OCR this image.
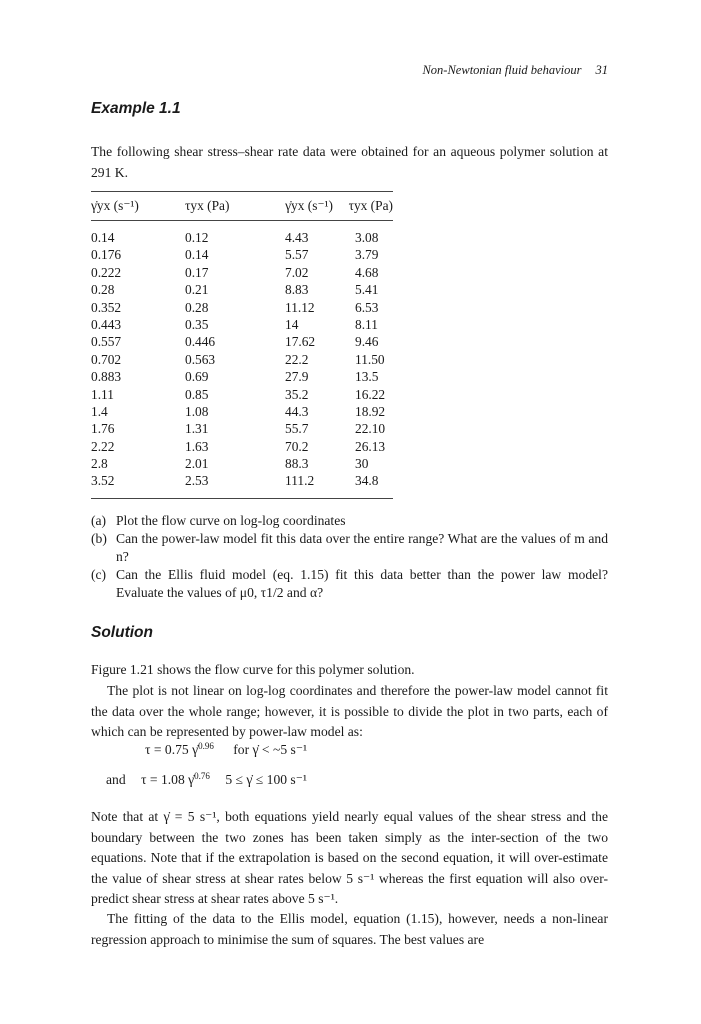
Non-Newtonian fluid behaviour 31
Example 1.1

The following shear stress–shear rate data were obtained for an aqueous polymer solution at 291 K.

γ̇yx (s⁻¹)	τyx (Pa)	γ̇yx (s⁻¹)	τyx (Pa)
0.14	0.12	4.43	3.08
0.176	0.14	5.57	3.79
0.222	0.17	7.02	4.68
0.28	0.21	8.83	5.41
0.352	0.28	11.12	6.53
0.443	0.35	14	8.11
0.557	0.446	17.62	9.46
0.702	0.563	22.2	11.50
0.883	0.69	27.9	13.5
1.11	0.85	35.2	16.22
1.4	1.08	44.3	18.92
1.76	1.31	55.7	22.10
2.22	1.63	70.2	26.13
2.8	2.01	88.3	30
3.52	2.53	111.2	34.8
(a) Plot the flow curve on log-log coordinates
(b) Can the power-law model fit this data over the entire range? What are the values of m and n?
(c) Can the Ellis fluid model (eq. 1.15) fit this data better than the power law model? Evaluate the values of μ0, τ1/2 and α?
Solution

Figure 1.21 shows the flow curve for this polymer solution.

The plot is not linear on log-log coordinates and therefore the power-law model cannot fit the data over the whole range; however, it is possible to divide the plot in two parts, each of which can be represented by power-law model as:

τ = 0.75 γ̇$^{0.96}$ for γ̇ < ~5 s⁻¹
and τ = 1.08 γ̇$^{0.76}$ 5 ≤ γ̇ ≤ 100 s⁻¹

Note that at γ̇ = 5 s⁻¹, both equations yield nearly equal values of the shear stress and the boundary between the two zones has been taken simply as the inter-section of the two equations. Note that if the extrapolation is based on the second equation, it will over-estimate the value of shear stress at shear rates below 5 s⁻¹ whereas the first equation will also over-predict shear stress at shear rates above 5 s⁻¹.

The fitting of the data to the Ellis model, equation (1.15), however, needs a non-linear regression approach to minimise the sum of squares. The best values are
